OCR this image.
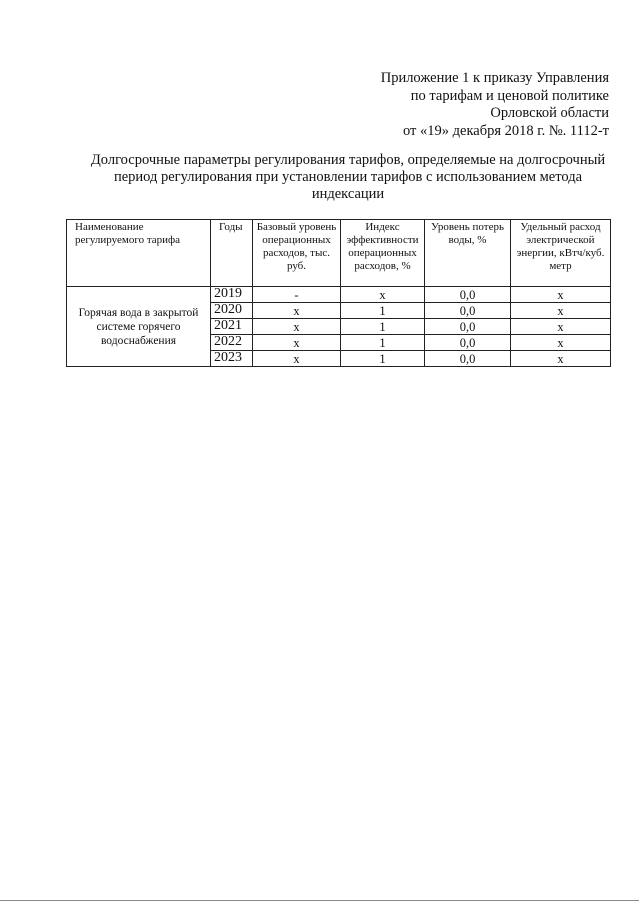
Приложение 1 к приказу Управления
по тарифам и ценовой политике
Орловской области
от «19» декабря 2018 г. №. 1112-т
Долгосрочные параметры регулирования тарифов, определяемые на долгосрочный период регулирования при установлении тарифов с использованием метода индексации
Наименование регулируемого тарифа	Годы	Базовый уровень операционных расходов, тыс. руб.	Индекс эффективности операционных расходов, %	Уровень потерь воды, %	Удельный расход электрической энергии, кВтч/куб. метр
Горячая вода в закрытой системе горячего водоснабжения	2019	-	х	0,0	х
	2020	х	1	0,0	х
	2021	х	1	0,0	х
	2022	х	1	0,0	х
	2023	х	1	0,0	х
